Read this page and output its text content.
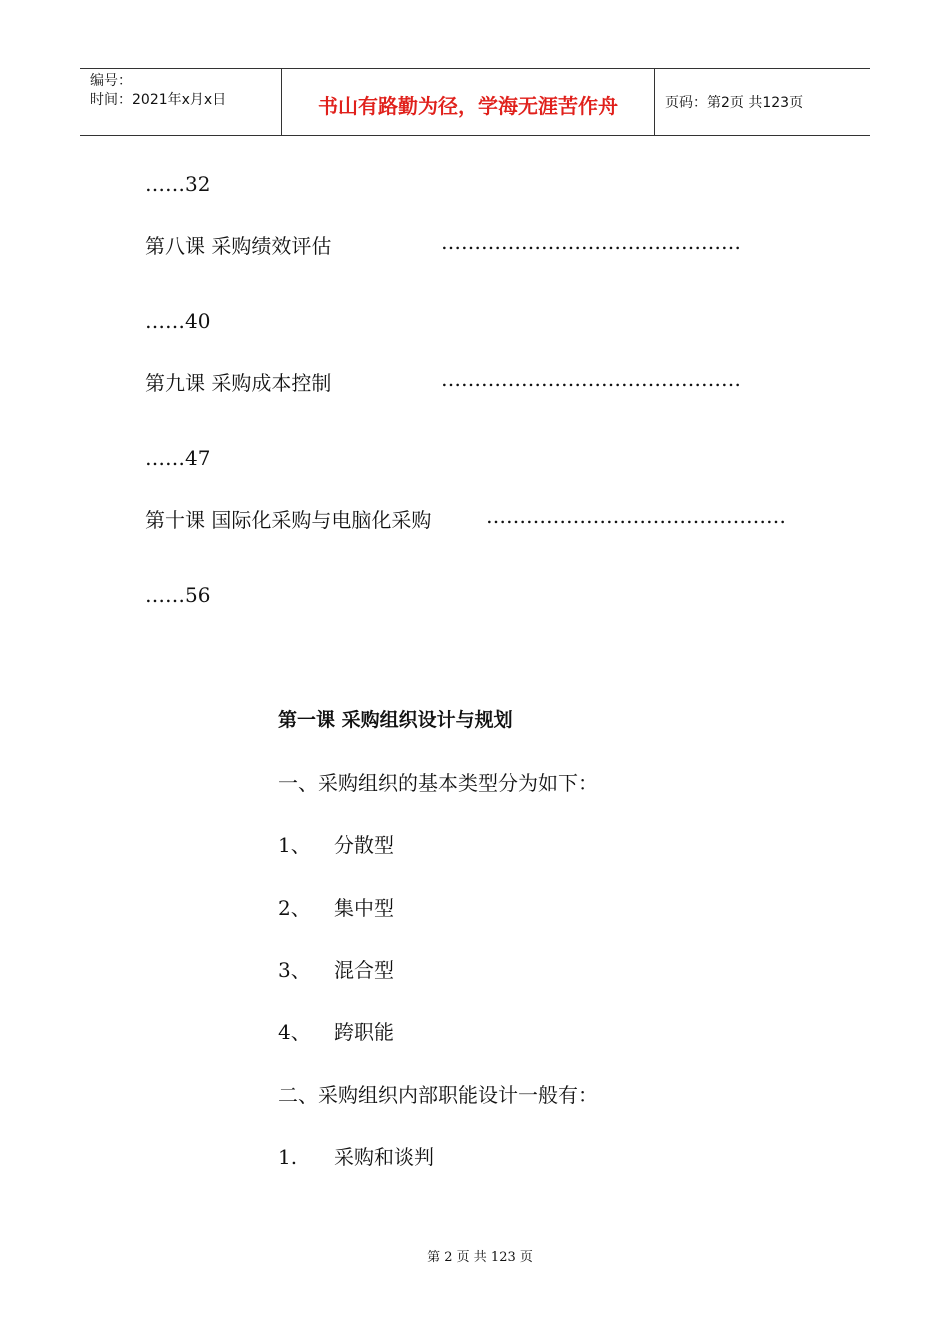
编号：
时间：2021年x月x日	书山有路勤为径，学海无涯苦作舟	页码：第2页 共123页
……32
第八课 采购绩效评估	………………………………………
……40
第九课 采购成本控制	………………………………………
……47
第十课 国际化采购与电脑化采购	………………………………………
……56
第一课 采购组织设计与规划
一、采购组织的基本类型分为如下：
1、 分散型
2、 集中型
3、 混合型
4、 跨职能
二、采购组织内部职能设计一般有：
1. 采购和谈判
第 2 页 共 123 页
